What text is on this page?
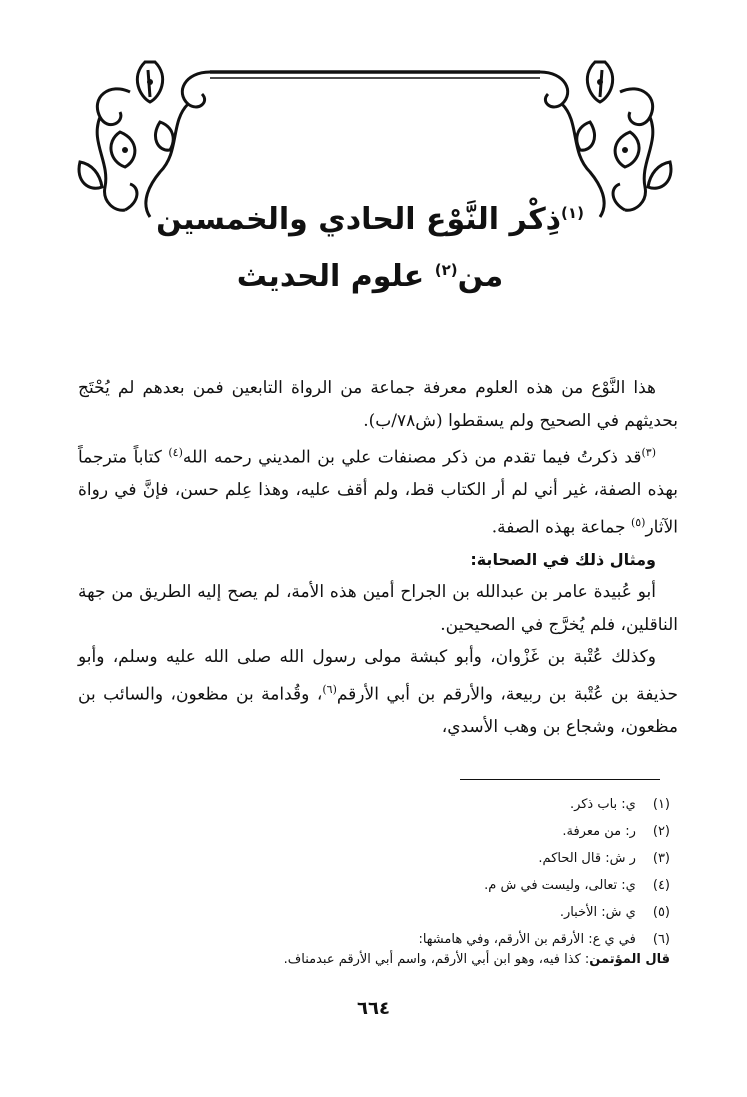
$^{(١)}$ذِكْر النَّوْع الحادي والخمسين
من$^{(٢)}$ علوم الحديث

هذا النَّوْع من هذه العلوم معرفة جماعة من الرواة التابعين فمن بعدهم لم يُحْتَج بحديثهم في الصحيح ولم يسقطوا (ش٧٨/ب).

$^{(٣)}$قد ذكرتُ فيما تقدم من ذكر مصنفات علي بن المديني رحمه الله$^{(٤)}$ كتاباً مترجماً بهذه الصفة، غير أني لم أر الكتاب قط، ولم أقف عليه، وهذا عِلم حسن، فإنَّ في رواة الآثار$^{(٥)}$ جماعة بهذه الصفة.

ومثال ذلك في الصحابة:

أبو عُبيدة عامر بن عبدالله بن الجراح أمين هذه الأمة، لم يصح إليه الطريق من جهة الناقلين، فلم يُخرَّج في الصحيحين.

وكذلك عُتْبة بن غَزْوان، وأبو كبشة مولى رسول الله صلى الله عليه وسلم، وأبو حذيفة بن عُتْبة بن ربيعة، والأرقم بن أبي الأرقم$^{(٦)}$، وقُدامة بن مظعون، والسائب بن مظعون، وشجاع بن وهب الأسدي،

(١) ي: باب ذكر.
(٢) ر: من معرفة.
(٣) ر ش: قال الحاكم.
(٤) ي: تعالى، وليست في ش م.
(٥) ي ش: الأخبار.
(٦) في ي ع: الأرقم بن الأرقم، وفي هامشها:
قال المؤتمن: كذا فيه، وهو ابن أبي الأرقم، واسم أبي الأرقم عبدمناف.
٦٦٤
